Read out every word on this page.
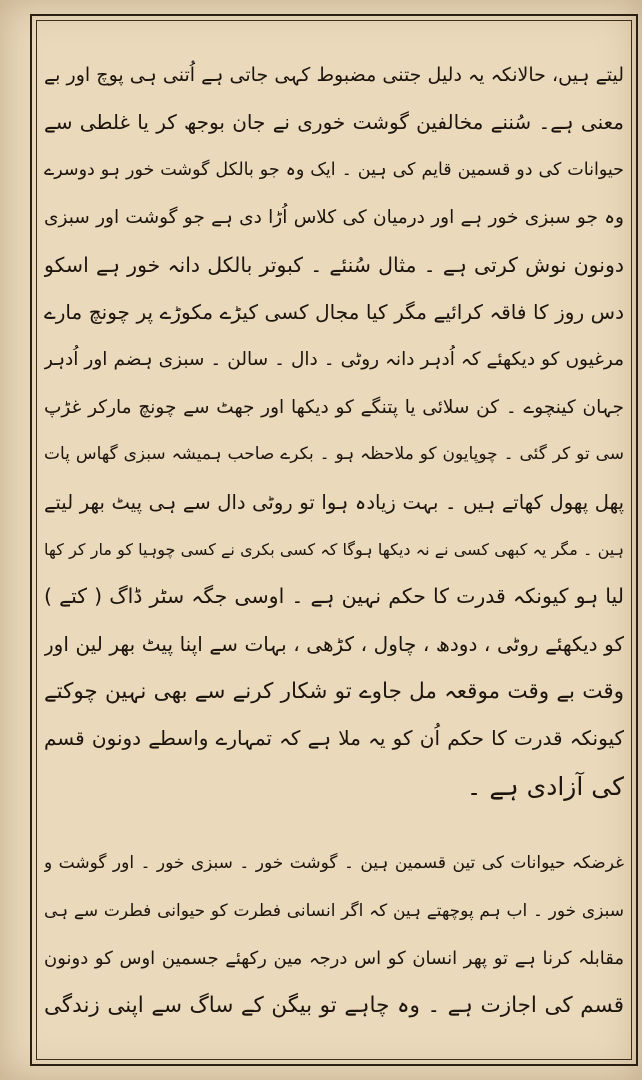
لیتے ہیں، حالانکہ یہ دلیل جتنی مضبوط کہی جاتی ہے اُتنی ہی پوچ اور بے
معنی ہے۔ سُننے مخالفین گوشت خوری نے جان بوجھ کر یا غلطی سے
حیوانات کی دو قسمین قایم کی ہین ۔ ایک وہ جو بالکل گوشت خور ہو دوسرے
وہ جو سبزی خور ہے اور درمیان کی کلاس اُڑا دی ہے جو گوشت اور سبزی
دونون نوش کرتی ہے ۔ مثال سُنئے ۔ کبوتر بالکل دانہ خور ہے اسکو
دس روز کا فاقہ کرائیے مگر کیا مجال کسی کیڑے مکوڑے پر چونچ مارے
مرغیوں کو دیکھئے کہ اُدہر دانہ روٹی ۔ دال ۔ سالن ۔ سبزی ہضم اور اُدہر
جہان کینچوے ۔ کن سلائی یا پتنگے کو دیکھا اور جھٹ سے چونچ مارکر غڑپ
سی تو کر گئی ۔ چوپایون کو ملاحظہ ہو ۔ بکرے صاحب ہمیشہ سبزی گھاس پات
پھل پھول کھاتے ہیں ۔ بہت زیادہ ہوا تو روٹی دال سے ہی پیٹ بھر لیتے
ہین ۔ مگر یہ کبھی کسی نے نہ دیکھا ہوگا کہ کسی بکری نے کسی چوہیا کو مار کر کھا
لیا ہو کیونکہ قدرت کا حکم نہین ہے ۔ اوسی جگہ سٹر ڈاگ ( کتے )
کو دیکھئے روٹی ، دودھ ، چاول ، کڑھی ، بہات سے اپنا پیٹ بھر لین اور
وقت بے وقت موقعہ مل جاوے تو شکار کرنے سے بھی نہین چوکتے
کیونکہ قدرت کا حکم اُن کو یہ ملا ہے کہ تمہارے واسطے دونون قسم
کی آزادی ہے ۔
غرضکہ حیوانات کی تین قسمین ہین ۔ گوشت خور ۔ سبزی خور ۔ اور گوشت و
سبزی خور ۔ اب ہم پوچھتے ہین کہ اگر انسانی فطرت کو حیوانی فطرت سے ہی
مقابلہ کرنا ہے تو پھر انسان کو اس درجہ مین رکھئے جسمین اوس کو دونون
قسم کی اجازت ہے ۔ وہ چاہے تو بیگن کے ساگ سے اپنی زندگی
